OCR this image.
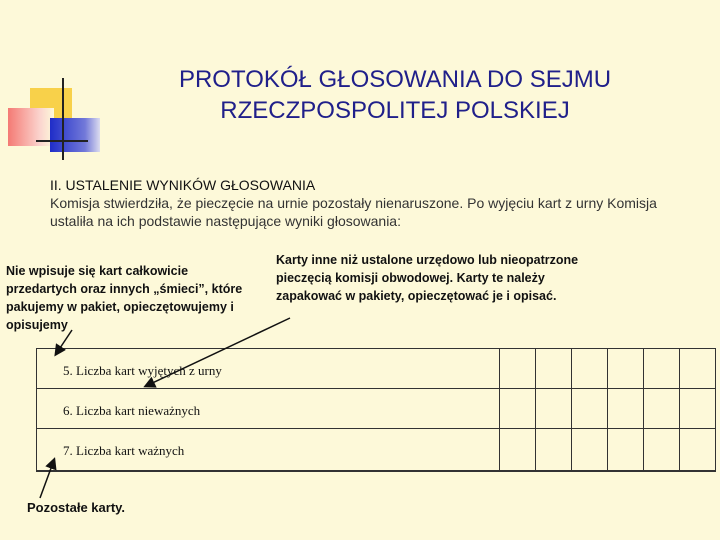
PROTOKÓŁ GŁOSOWANIA DO SEJMU
RZECZPOSPOLITEJ POLSKIEJ
II. USTALENIE WYNIKÓW GŁOSOWANIA
Komisja stwierdziła, że pieczęcie na urnie pozostały nienaruszone. Po wyjęciu kart z urny Komisja ustaliła na ich podstawie następujące wyniki głosowania:
Nie wpisuje się kart całkowicie przedartych oraz innych „śmieci”, które pakujemy w pakiet, opieczętowujemy i opisujemy
Karty inne niż ustalone urzędowo lub nieopatrzone pieczęcią komisji obwodowej. Karty te należy zapakować w pakiety, opieczętować je i opisać.
5. Liczba kart wyjętych z urny
6. Liczba kart nieważnych
7. Liczba kart ważnych
Pozostałe karty.
